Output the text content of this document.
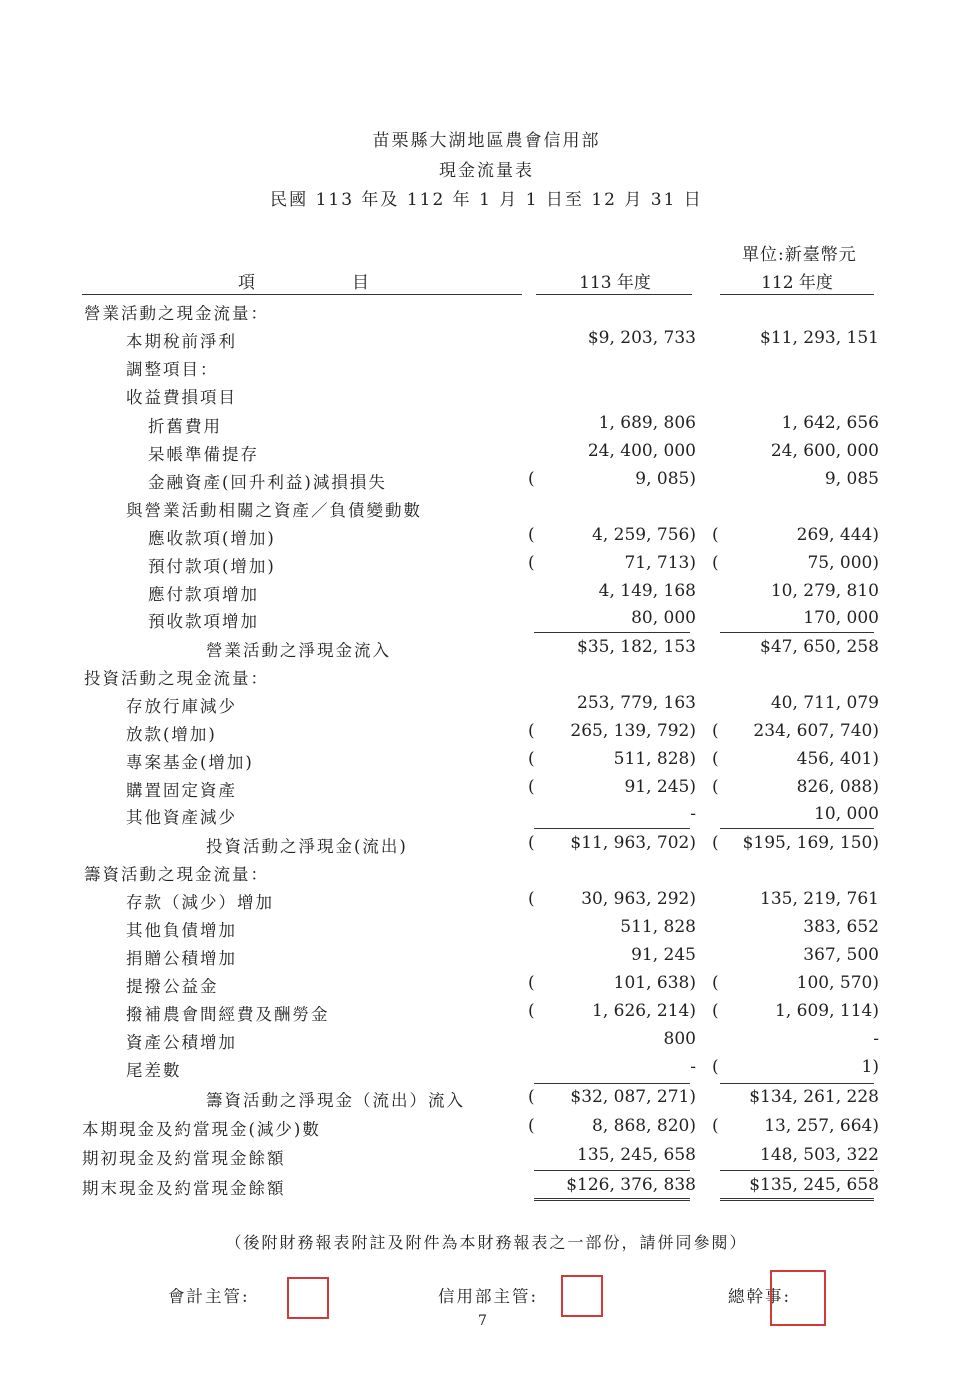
苗栗縣大湖地區農會信用部
現金流量表
民國 113 年及 112 年 1 月 1 日至 12 月 31 日
單位:新臺幣元
項	目	113 年度	112 年度
營業活動之現金流量：
本期稅前淨利	$9, 203, 733	$11, 293, 151
調整項目：
收益費損項目
折舊費用	1, 689, 806	1, 642, 656
呆帳準備提存	24, 400, 000	24, 600, 000
金融資產(回升利益)減損損失	(	9, 085)	9, 085
與營業活動相關之資產／負債變動數
應收款項(增加)	(	4, 259, 756) (	269, 444)
預付款項(增加)	(	71, 713) (	75, 000)
應付款項增加	4, 149, 168	10, 279, 810
預收款項增加	80, 000	170, 000
營業活動之淨現金流入	$35, 182, 153	$47, 650, 258
投資活動之現金流量：
存放行庫減少	253, 779, 163	40, 711, 079
放款(增加)	( 265, 139, 792) ( 234, 607, 740)
專案基金(增加)	(	511, 828) (	456, 401)
購置固定資產	(	91, 245) (	826, 088)
其他資產減少	-	10, 000
投資活動之淨現金(流出)	( $11, 963, 702) ( $195, 169, 150)
籌資活動之現金流量：
存款（減少）增加	(	30, 963, 292)	135, 219, 761
其他負債增加	511, 828	383, 652
捐贈公積增加	91, 245	367, 500
提撥公益金	(	101, 638) (	100, 570)
撥補農會間經費及酬勞金	(	1, 626, 214) (	1, 609, 114)
資產公積增加	800	-
尾差數	- (	1)
籌資活動之淨現金（流出）流入	( $32, 087, 271)	$134, 261, 228
本期現金及約當現金(減少)數	(	8, 868, 820) (	13, 257, 664)
期初現金及約當現金餘額	135, 245, 658	148, 503, 322
期末現金及約當現金餘額	$126, 376, 838	$135, 245, 658
（後附財務報表附註及附件為本財務報表之一部份，請併同參閱）
會計主管:	信用部主管:	總幹事:
7
